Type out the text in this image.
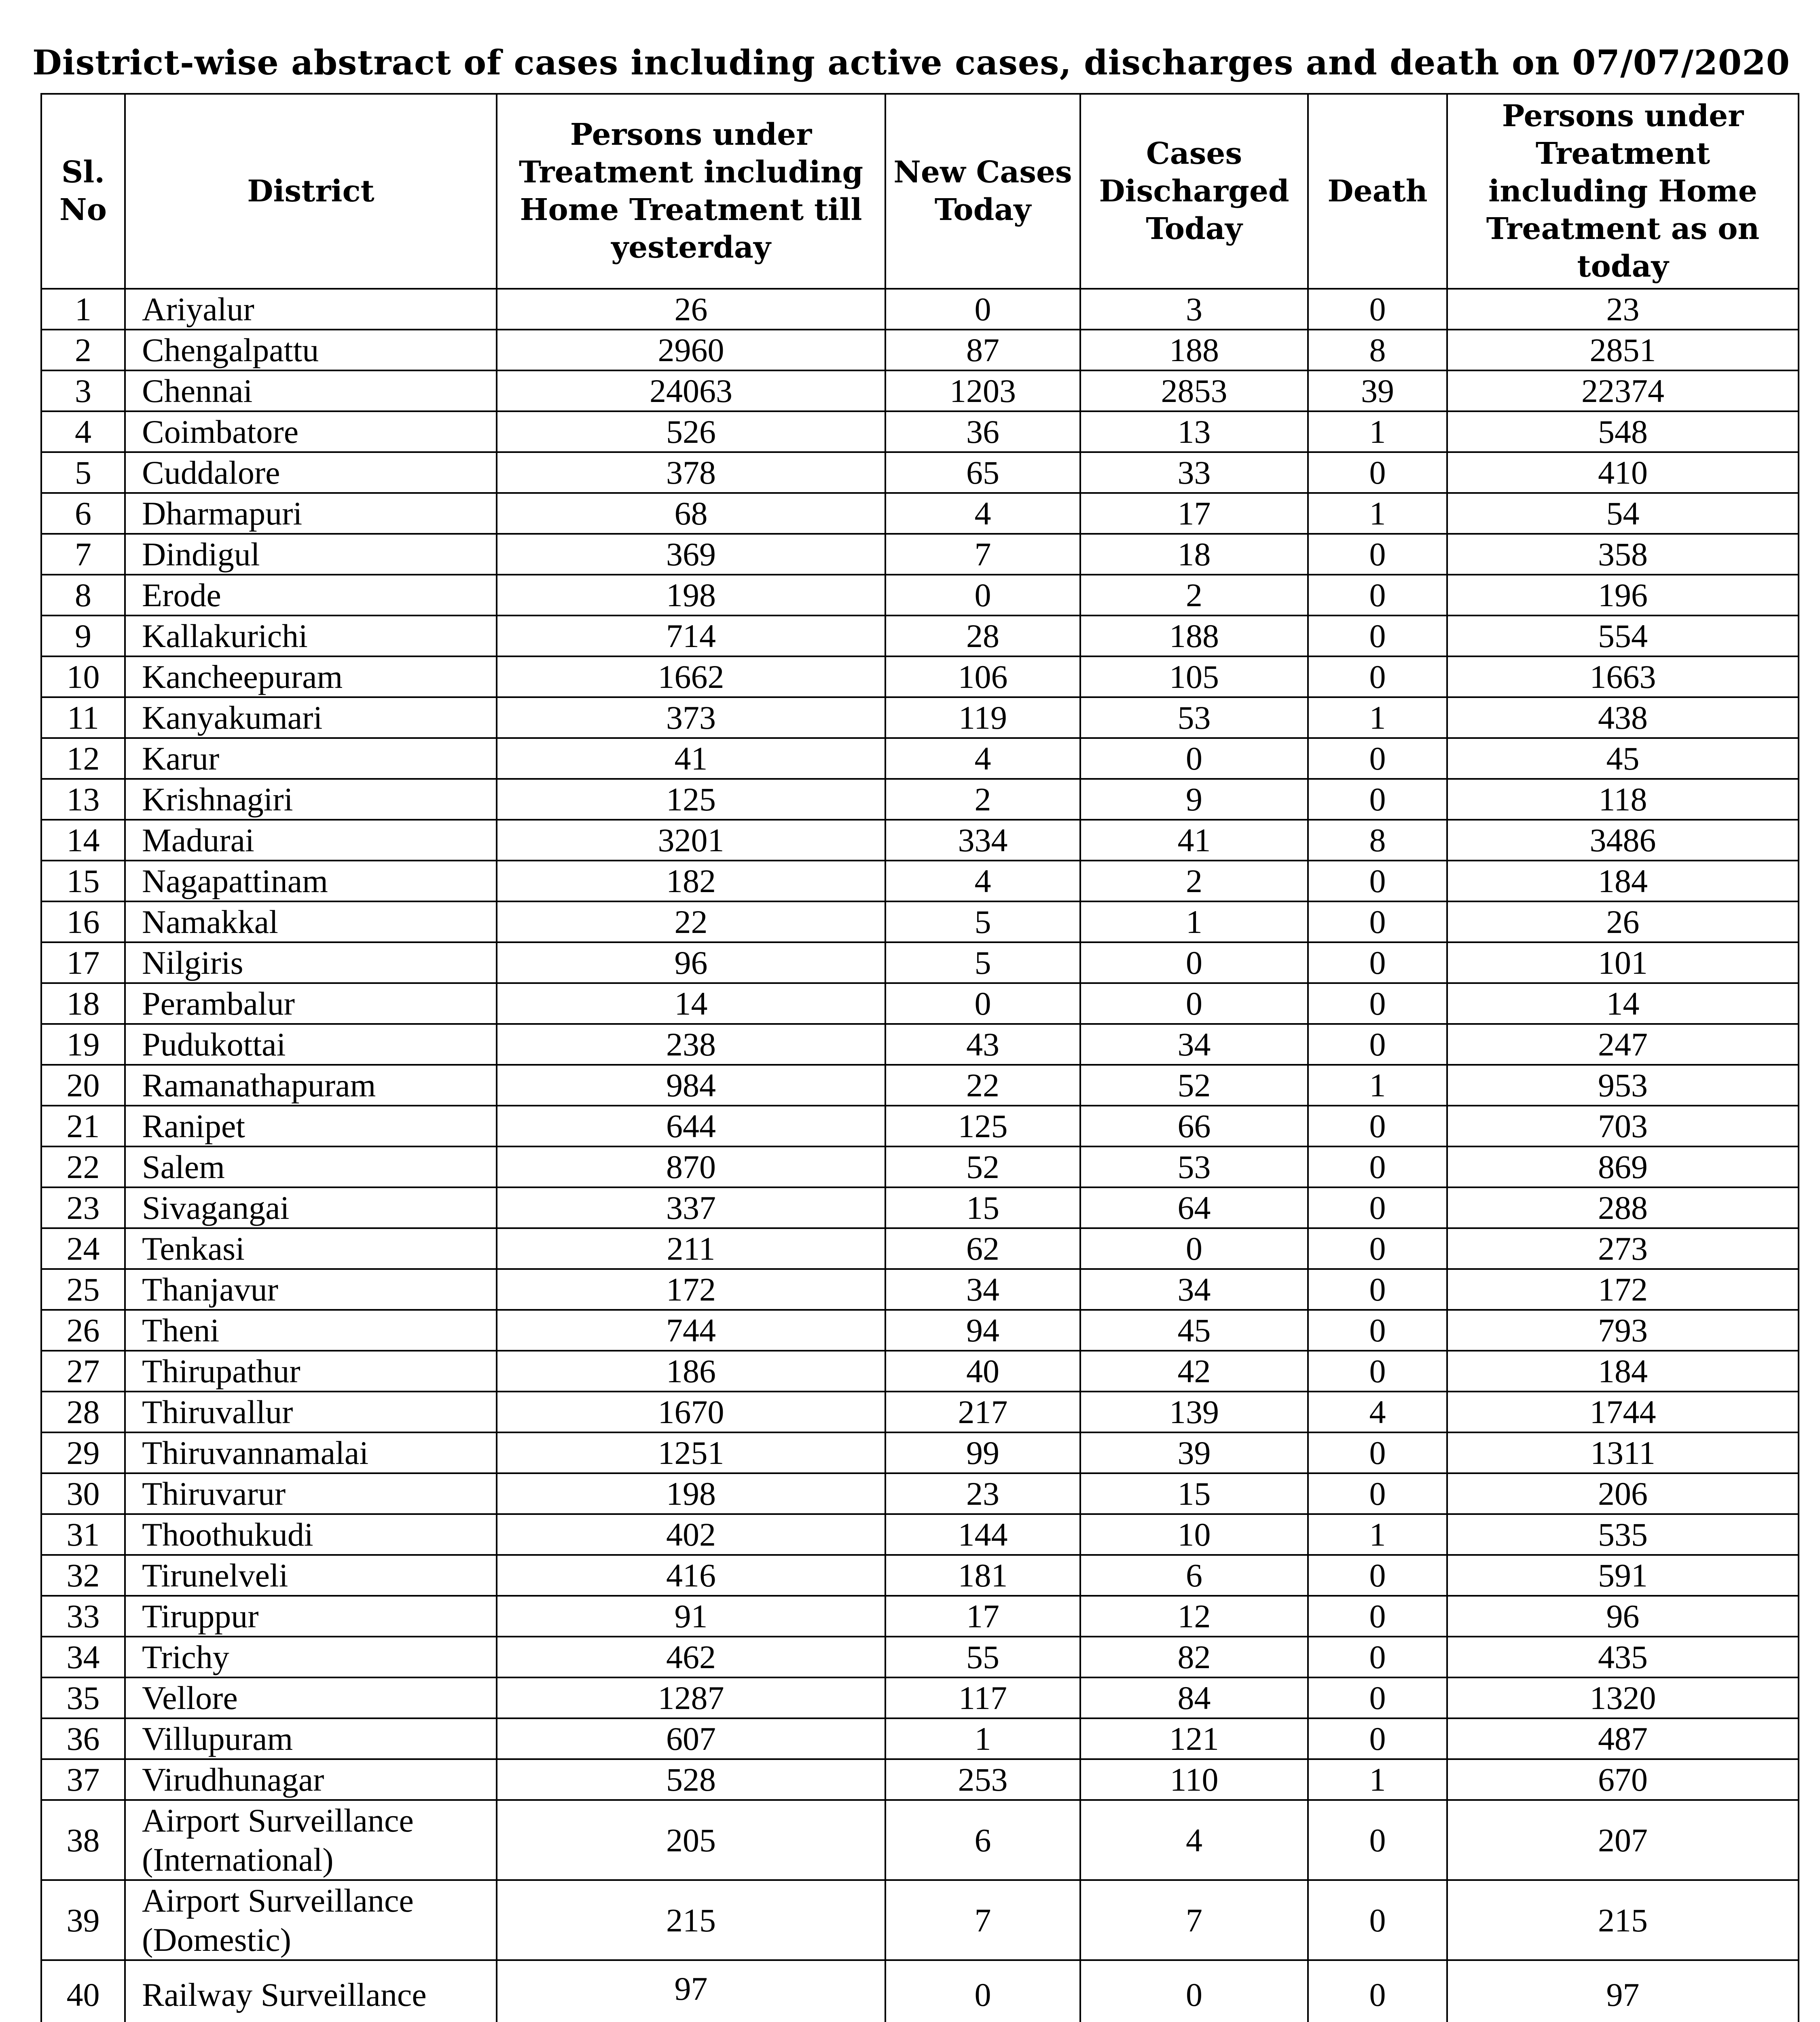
District-wise abstract of cases including active cases, discharges and death on 07/07/2020
Sl. No	District	Persons under Treatment including Home Treatment till yesterday	New Cases Today	Cases Discharged Today	Death	Persons under Treatment including Home Treatment as on today
1	Ariyalur	26	0	3	0	23
2	Chengalpattu	2960	87	188	8	2851
3	Chennai	24063	1203	2853	39	22374
4	Coimbatore	526	36	13	1	548
5	Cuddalore	378	65	33	0	410
6	Dharmapuri	68	4	17	1	54
7	Dindigul	369	7	18	0	358
8	Erode	198	0	2	0	196
9	Kallakurichi	714	28	188	0	554
10	Kancheepuram	1662	106	105	0	1663
11	Kanyakumari	373	119	53	1	438
12	Karur	41	4	0	0	45
13	Krishnagiri	125	2	9	0	118
14	Madurai	3201	334	41	8	3486
15	Nagapattinam	182	4	2	0	184
16	Namakkal	22	5	1	0	26
17	Nilgiris	96	5	0	0	101
18	Perambalur	14	0	0	0	14
19	Pudukottai	238	43	34	0	247
20	Ramanathapuram	984	22	52	1	953
21	Ranipet	644	125	66	0	703
22	Salem	870	52	53	0	869
23	Sivagangai	337	15	64	0	288
24	Tenkasi	211	62	0	0	273
25	Thanjavur	172	34	34	0	172
26	Theni	744	94	45	0	793
27	Thirupathur	186	40	42	0	184
28	Thiruvallur	1670	217	139	4	1744
29	Thiruvannamalai	1251	99	39	0	1311
30	Thiruvarur	198	23	15	0	206
31	Thoothukudi	402	144	10	1	535
32	Tirunelveli	416	181	6	0	591
33	Tiruppur	91	17	12	0	96
34	Trichy	462	55	82	0	435
35	Vellore	1287	117	84	0	1320
36	Villupuram	607	1	121	0	487
37	Virudhunagar	528	253	110	1	670
38	Airport Surveillance (International)	205	6	4	0	207
39	Airport Surveillance (Domestic)	215	7	7	0	215
40	Railway Surveillance	97	0	0	0	97
